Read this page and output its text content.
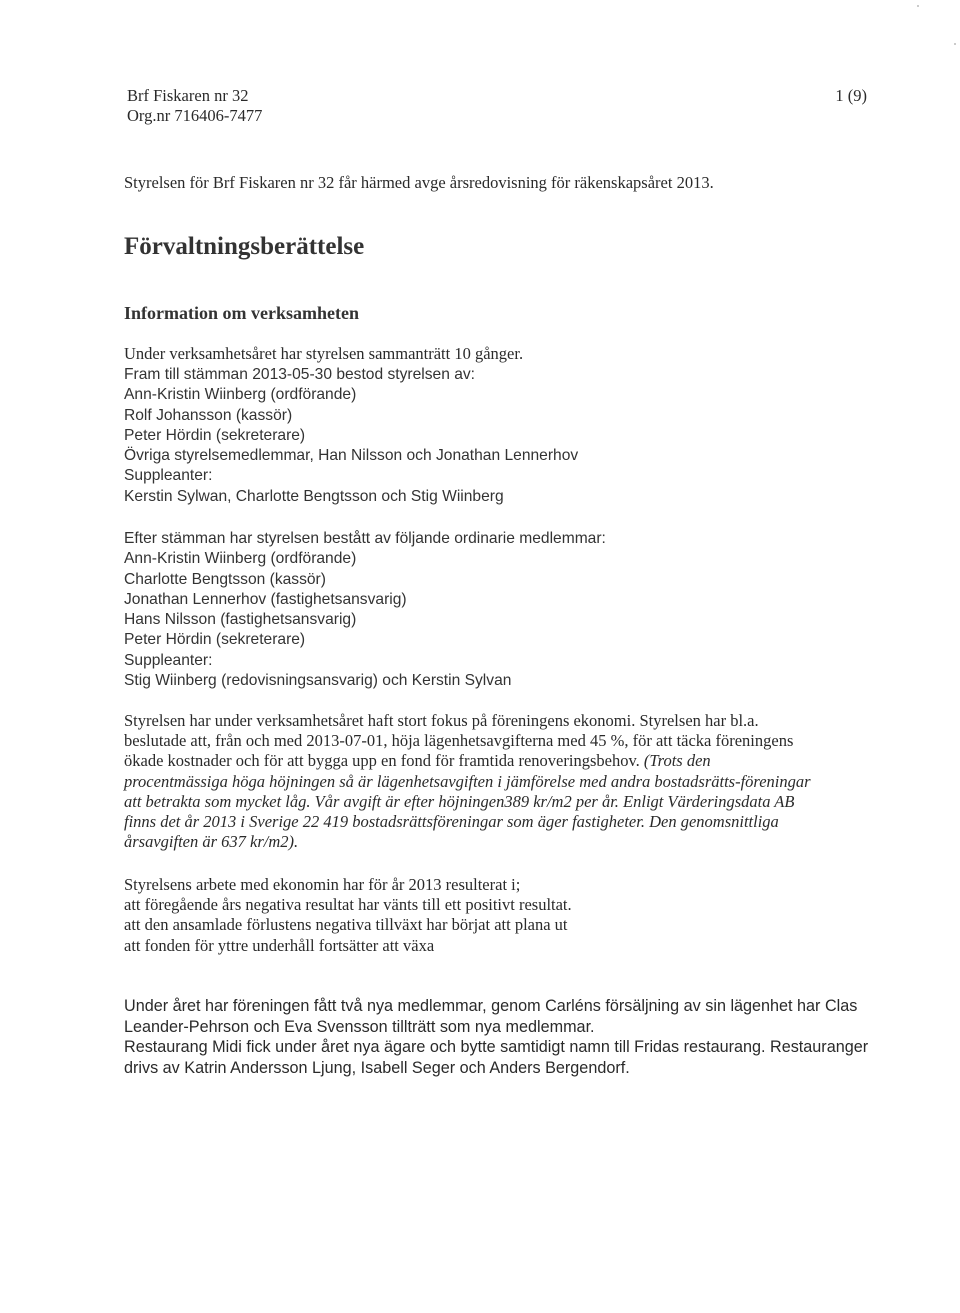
Brf Fiskaren nr 32
Org.nr 716406-7477
1 (9)
Styrelsen för Brf Fiskaren nr 32 får härmed avge årsredovisning för räkenskapsåret 2013.
Förvaltningsberättelse
Information om verksamheten
Under verksamhetsåret har styrelsen sammanträtt 10 gånger.
Fram till stämman 2013-05-30 bestod styrelsen av:
Ann-Kristin Wiinberg (ordförande)
Rolf Johansson (kassör)
Peter Hördin (sekreterare)
Övriga styrelsemedlemmar, Han Nilsson och Jonathan Lennerhov
Suppleanter:
Kerstin Sylwan, Charlotte Bengtsson och Stig Wiinberg
Efter stämman har styrelsen bestått av följande ordinarie medlemmar:
Ann-Kristin Wiinberg (ordförande)
Charlotte Bengtsson (kassör)
Jonathan Lennerhov (fastighetsansvarig)
Hans Nilsson (fastighetsansvarig)
Peter Hördin (sekreterare)
Suppleanter:
Stig Wiinberg (redovisningsansvarig) och Kerstin Sylvan
Styrelsen har under verksamhetsåret haft stort fokus på föreningens ekonomi. Styrelsen har bl.a.
beslutade att, från och med 2013-07-01, höja lägenhetsavgifterna med 45 %, för att täcka föreningens
ökade kostnader och för att bygga upp en fond för framtida renoveringsbehov. (Trots den
procentmässiga höga höjningen så är lägenhetsavgiften i jämförelse med andra bostadsrätts-föreningar
att betrakta som mycket låg. Vår avgift är efter höjningen389 kr/m2 per år. Enligt Värderingsdata AB
finns det år 2013 i Sverige 22 419 bostadsrättsföreningar som äger fastigheter. Den genomsnittliga
årsavgiften är 637 kr/m2).
Styrelsens arbete med ekonomin har för år 2013 resulterat i;
att föregående års negativa resultat har vänts till ett positivt resultat.
att den ansamlade förlustens negativa tillväxt har börjat att plana ut
att fonden för yttre underhåll fortsätter att växa
Under året har föreningen fått två nya medlemmar, genom Carléns försäljning av sin lägenhet har Clas
Leander-Pehrson och Eva Svensson tillträtt som nya medlemmar.
Restaurang Midi fick under året nya ägare och bytte samtidigt namn till Fridas restaurang. Restauranger
drivs av Katrin Andersson Ljung, Isabell Seger och Anders Bergendorf.
